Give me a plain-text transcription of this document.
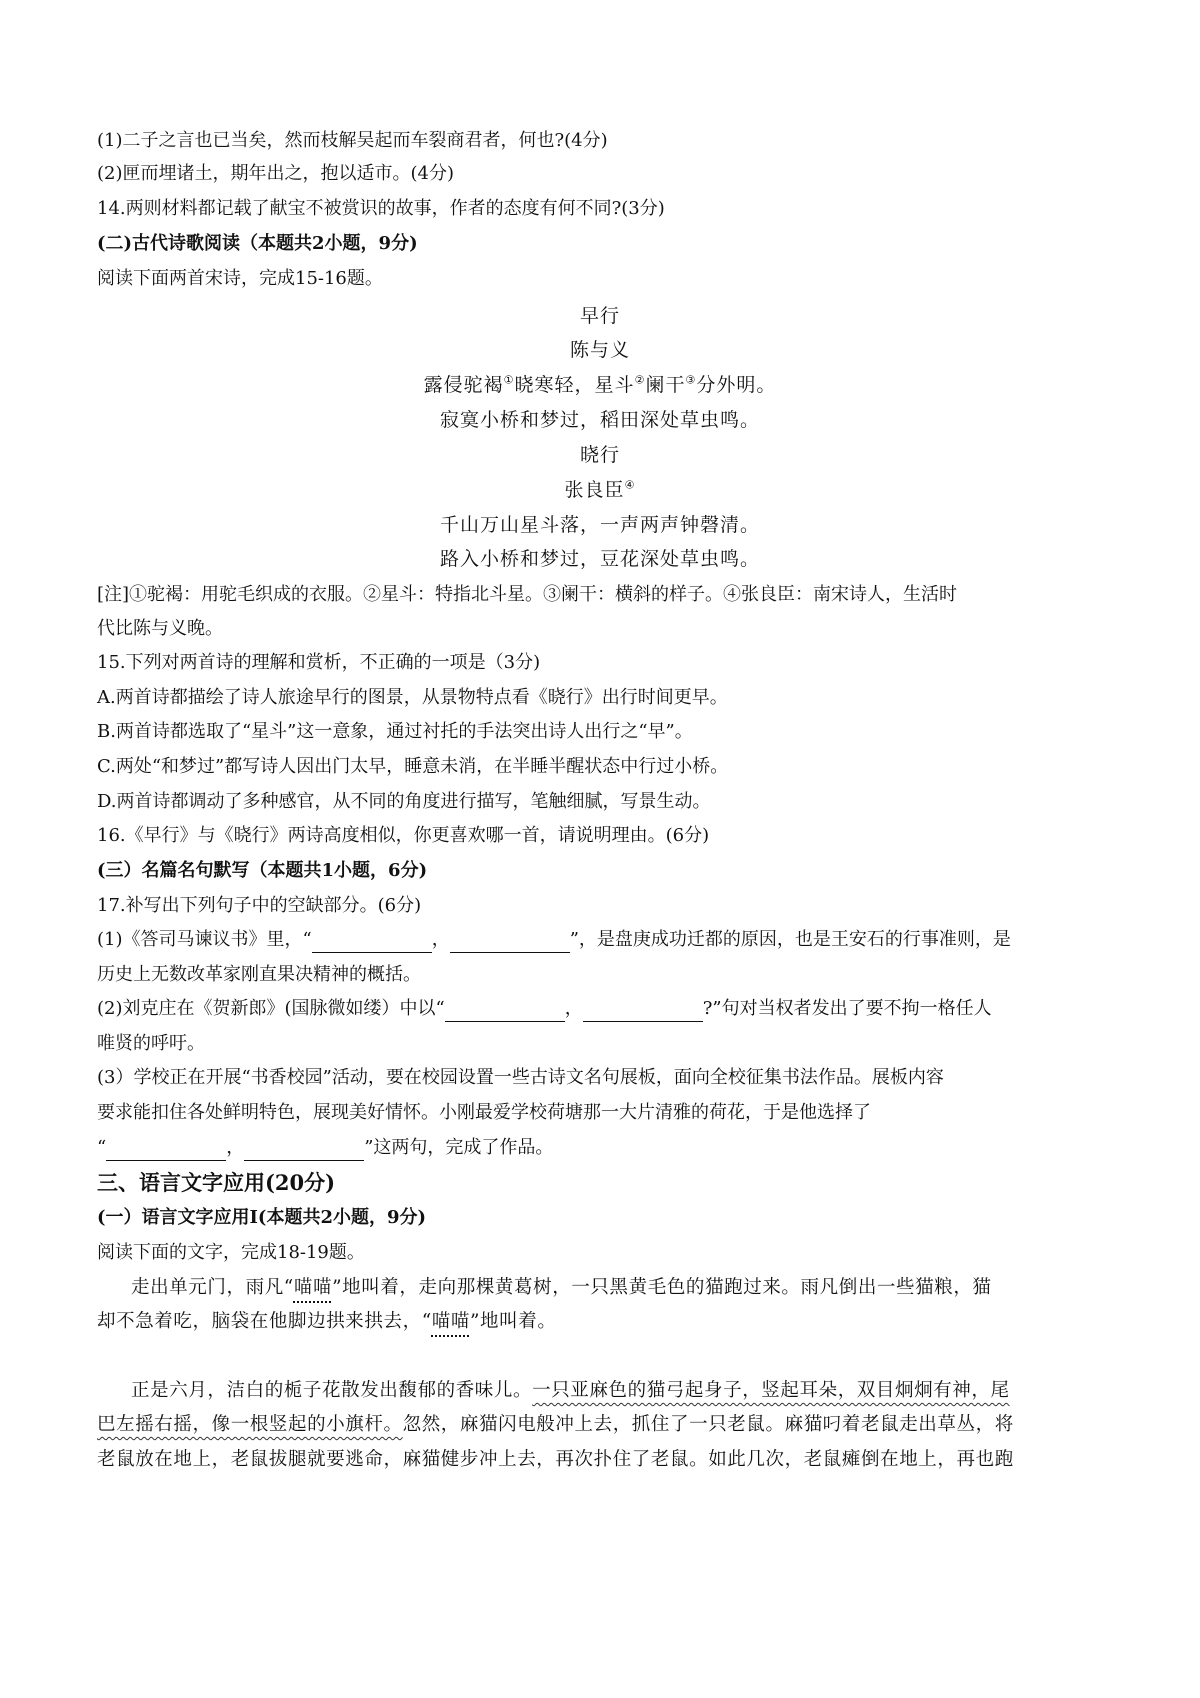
(1)二子之言也已当矣，然而枝解吴起而车裂商君者，何也?(4分)
(2)匣而埋诸土，期年出之，抱以适市。(4分)
14.两则材料都记载了献宝不被赏识的故事，作者的态度有何不同?(3分)
(二)古代诗歌阅读（本题共2小题，9分)
阅读下面两首宋诗，完成15-16题。
早行
陈与义
露侵驼褐①晓寒轻，星斗②阑干③分外明。
寂寞小桥和梦过，稻田深处草虫鸣。
晓行
张良臣④
千山万山星斗落，一声两声钟磬清。
路入小桥和梦过，豆花深处草虫鸣。
[注]①驼褐：用驼毛织成的衣服。②星斗：特指北斗星。③阑干：横斜的样子。④张良臣：南宋诗人，生活时
代比陈与义晚。
15.下列对两首诗的理解和赏析，不正确的一项是（3分)
A.两首诗都描绘了诗人旅途早行的图景，从景物特点看《晓行》出行时间更早。
B.两首诗都选取了“星斗”这一意象，通过衬托的手法突出诗人出行之“早”。
C.两处“和梦过”都写诗人因出门太早，睡意未消，在半睡半醒状态中行过小桥。
D.两首诗都调动了多种感官，从不同的角度进行描写，笔触细腻，写景生动。
16.《早行》与《晓行》两诗高度相似，你更喜欢哪一首，请说明理由。(6分)
(三）名篇名句默写（本题共1小题，6分)
17.补写出下列句子中的空缺部分。(6分)
(1)《答司马谏议书》里，“	，	”，是盘庚成功迁都的原因，也是王安石的行事准则，是
历史上无数改革家刚直果决精神的概括。
(2)刘克庄在《贺新郎》(国脉微如缕）中以“	，	?”句对当权者发出了要不拘一格任人
唯贤的呼吁。
(3）学校正在开展“书香校园”活动，要在校园设置一些古诗文名句展板，面向全校征集书法作品。展板内容
要求能扣住各处鲜明特色，展现美好情怀。小刚最爱学校荷塘那一大片清雅的荷花，于是他选择了
“	，	”这两句，完成了作品。
三、语言文字应用(20分)
(一）语言文字应用Ⅰ(本题共2小题，9分)
阅读下面的文字，完成18-19题。
走出单元门，雨凡“喵喵”地叫着，走向那棵黄葛树，一只黑黄毛色的猫跑过来。雨凡倒出一些猫粮，猫
却不急着吃，脑袋在他脚边拱来拱去，“喵喵”地叫着。
正是六月，洁白的栀子花散发出馥郁的香味儿。一只亚麻色的猫弓起身子，竖起耳朵，双目炯炯有神，尾
巴左摇右摇，像一根竖起的小旗杆。忽然，麻猫闪电般冲上去，抓住了一只老鼠。麻猫叼着老鼠走出草丛，将
老鼠放在地上，老鼠拔腿就要逃命，麻猫健步冲上去，再次扑住了老鼠。如此几次，老鼠瘫倒在地上，再也跑
